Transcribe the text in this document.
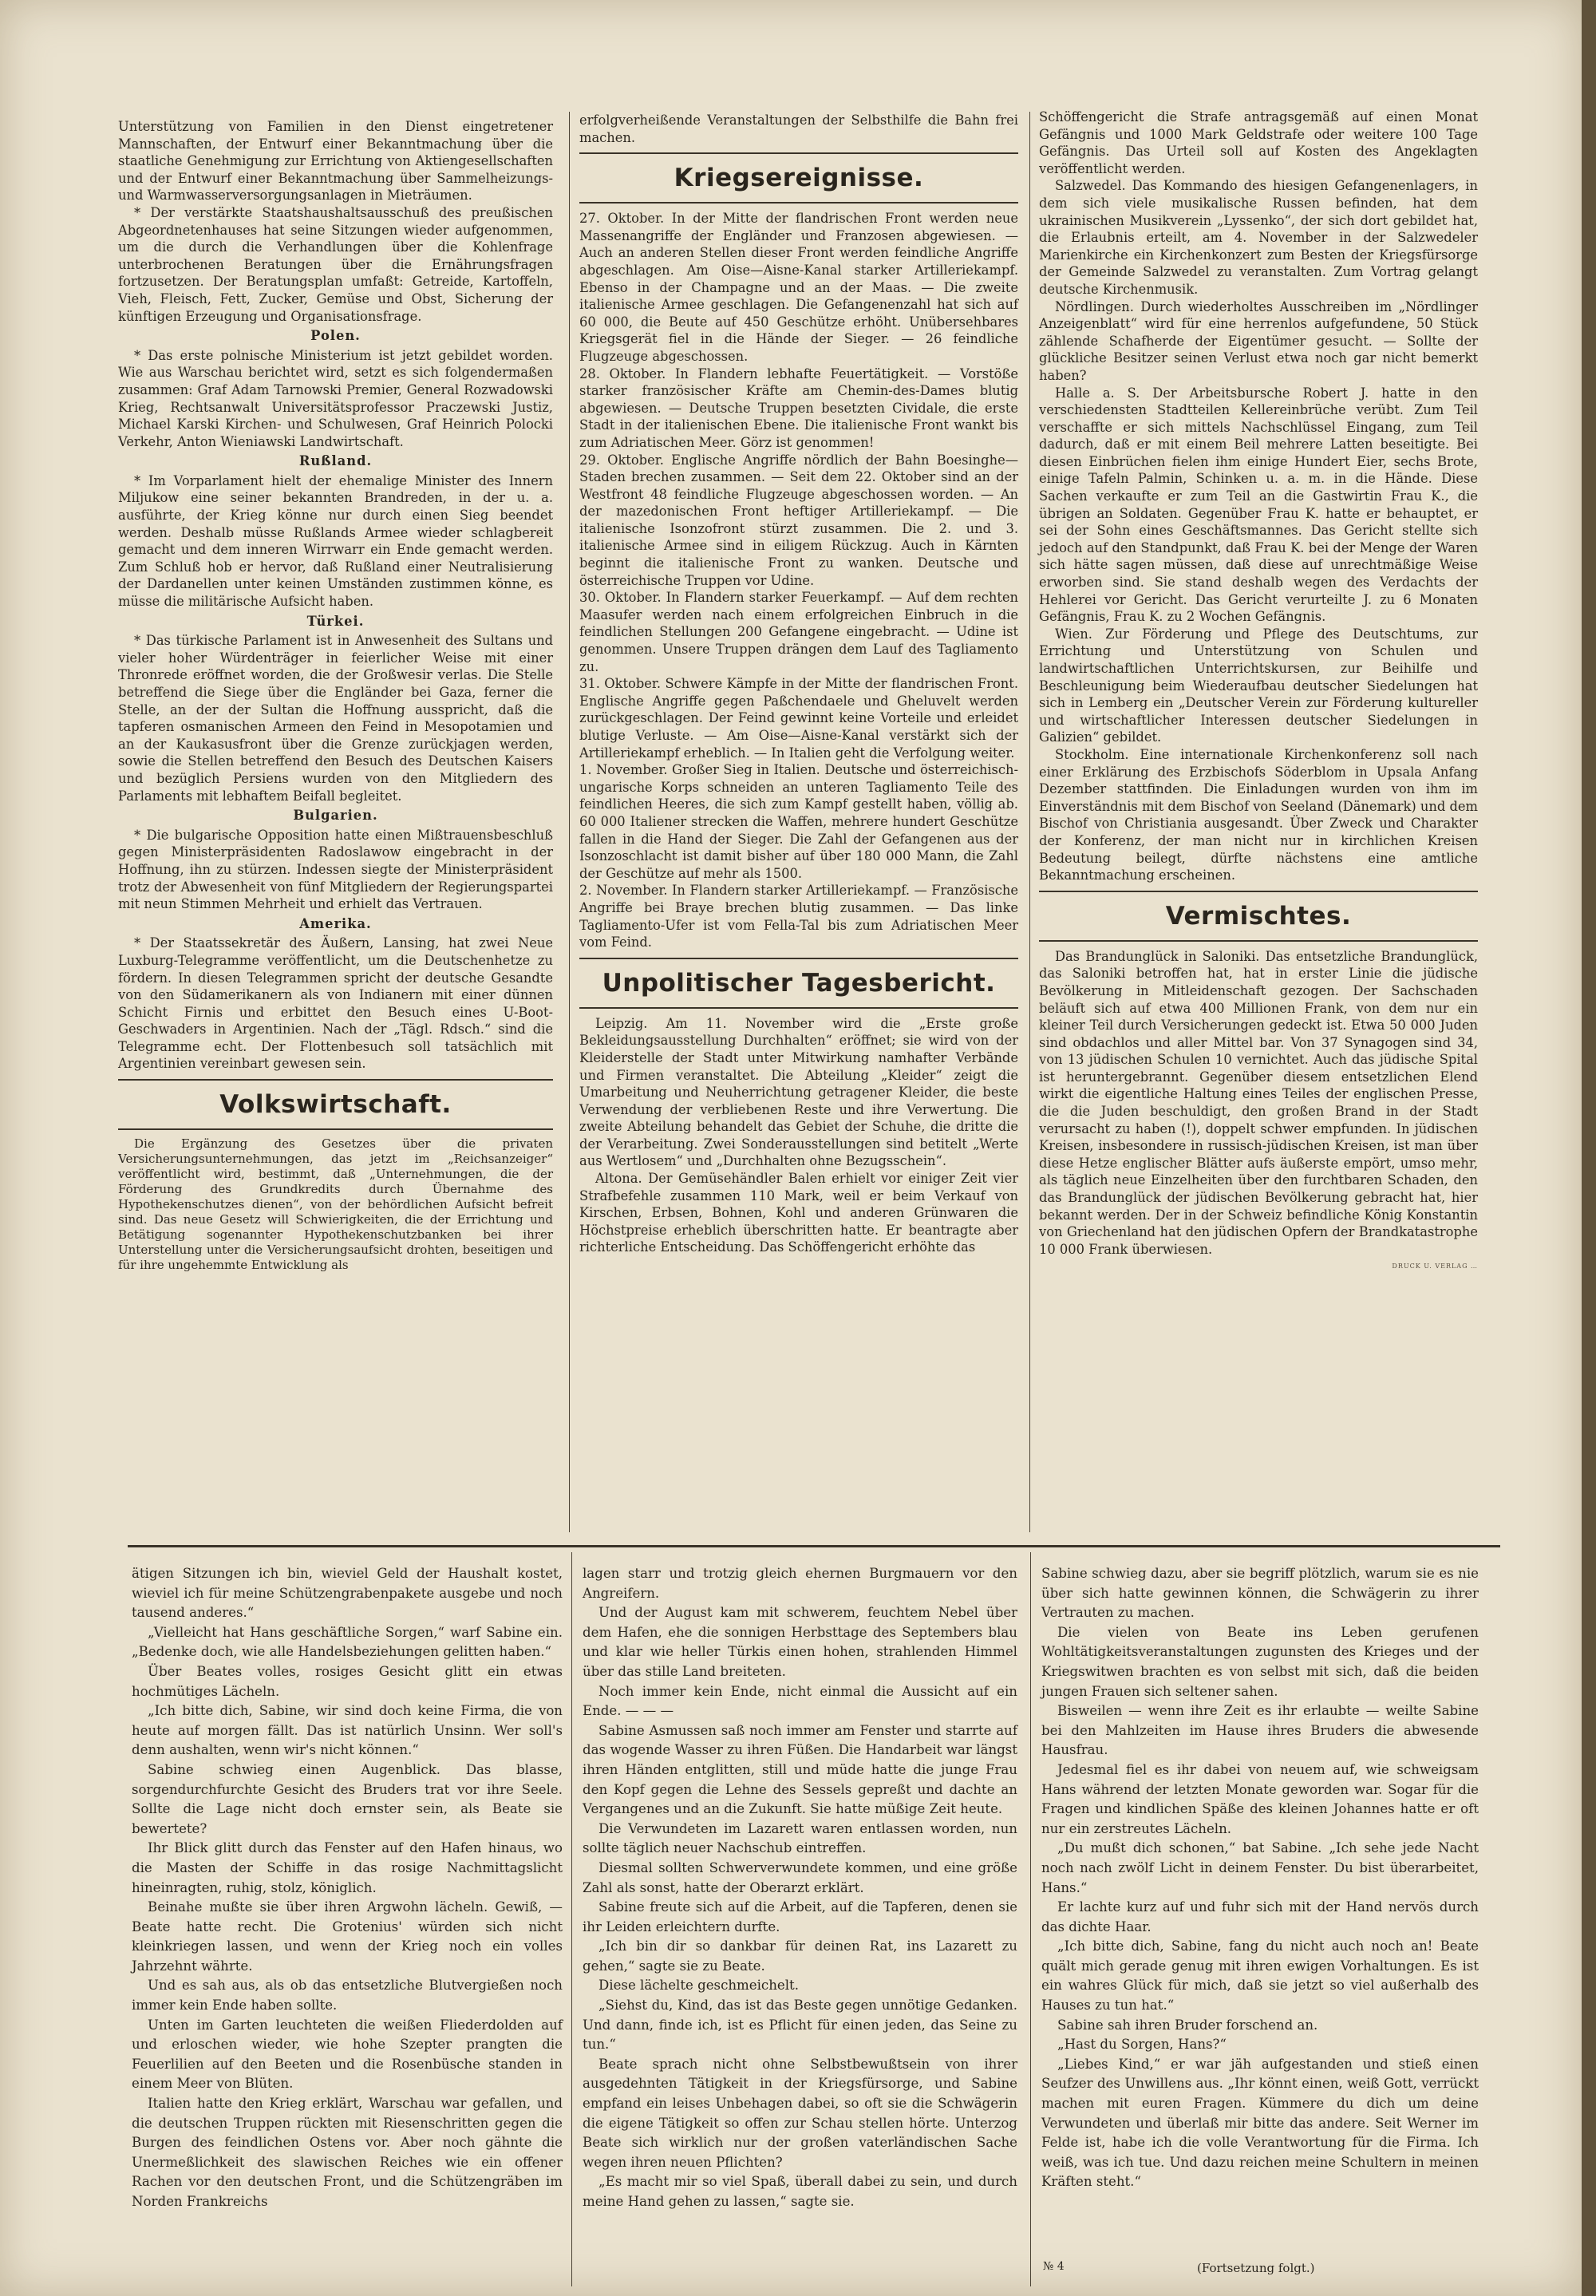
Unterstützung von Familien in den Dienst eingetretener Mannschaften, der Entwurf einer Bekanntmachung über die staatliche Genehmigung zur Errichtung von Aktiengesellschaften und der Entwurf einer Bekanntmachung über Sammelheizungs- und Warmwasserversorgungsanlagen in Mieträumen.

* Der verstärkte Staatshaushaltsausschuß des preußischen Abgeordnetenhauses hat seine Sitzungen wieder aufgenommen, um die durch die Verhandlungen über die Kohlenfrage unterbrochenen Beratungen über die Ernährungsfragen fortzusetzen. Der Beratungsplan umfaßt: Getreide, Kartoffeln, Vieh, Fleisch, Fett, Zucker, Gemüse und Obst, Sicherung der künftigen Erzeugung und Organisationsfrage.

Polen.

* Das erste polnische Ministerium ist jetzt gebildet worden. Wie aus Warschau berichtet wird, setzt es sich folgendermaßen zusammen: Graf Adam Tarnowski Premier, General Rozwadowski Krieg, Rechtsanwalt Universitätsprofessor Praczewski Justiz, Michael Karski Kirchen- und Schulwesen, Graf Heinrich Polocki Verkehr, Anton Wieniawski Landwirtschaft.

Rußland.

* Im Vorparlament hielt der ehemalige Minister des Innern Miljukow eine seiner bekannten Brandreden, in der u. a. ausführte, der Krieg könne nur durch einen Sieg beendet werden. Deshalb müsse Rußlands Armee wieder schlagbereit gemacht und dem inneren Wirrwarr ein Ende gemacht werden. Zum Schluß hob er hervor, daß Rußland einer Neutralisierung der Dardanellen unter keinen Umständen zustimmen könne, es müsse die militärische Aufsicht haben.

Türkei.

* Das türkische Parlament ist in Anwesenheit des Sultans und vieler hoher Würdenträger in feierlicher Weise mit einer Thronrede eröffnet worden, die der Großwesir verlas. Die Stelle betreffend die Siege über die Engländer bei Gaza, ferner die Stelle, an der der Sultan die Hoffnung ausspricht, daß die tapferen osmanischen Armeen den Feind in Mesopotamien und an der Kaukasusfront über die Grenze zurückjagen werden, sowie die Stellen betreffend den Besuch des Deutschen Kaisers und bezüglich Persiens wurden von den Mitgliedern des Parlaments mit lebhaftem Beifall begleitet.

Bulgarien.

* Die bulgarische Opposition hatte einen Mißtrauensbeschluß gegen Ministerpräsidenten Radoslawow eingebracht in der Hoffnung, ihn zu stürzen. Indessen siegte der Ministerpräsident trotz der Abwesenheit von fünf Mitgliedern der Regierungspartei mit neun Stimmen Mehrheit und erhielt das Vertrauen.

Amerika.

* Der Staatssekretär des Äußern, Lansing, hat zwei Neue Luxburg-Telegramme veröffentlicht, um die Deutschenhetze zu fördern. In diesen Telegrammen spricht der deutsche Gesandte von den Südamerikanern als von Indianern mit einer dünnen Schicht Firnis und erbittet den Besuch eines U-Boot-Geschwaders in Argentinien. Nach der „Tägl. Rdsch.“ sind die Telegramme echt. Der Flottenbesuch soll tatsächlich mit Argentinien vereinbart gewesen sein.

Volkswirtschaft.

Die Ergänzung des Gesetzes über die privaten Versicherungsunternehmungen, das jetzt im „Reichsanzeiger“ veröffentlicht wird, bestimmt, daß „Unternehmungen, die der Förderung des Grundkredits durch Übernahme des Hypothekenschutzes dienen“, von der behördlichen Aufsicht befreit sind. Das neue Gesetz will Schwierigkeiten, die der Errichtung und Betätigung sogenannter Hypothekenschutzbanken bei ihrer Unterstellung unter die Versicherungsaufsicht drohten, beseitigen und für ihre ungehemmte Entwicklung als

erfolgverheißende Veranstaltungen der Selbsthilfe die Bahn frei machen.

Kriegsereignisse.

27. Oktober. In der Mitte der flandrischen Front werden neue Massenangriffe der Engländer und Franzosen abgewiesen. — Auch an anderen Stellen dieser Front werden feindliche Angriffe abgeschlagen. Am Oise—Aisne-Kanal starker Artilleriekampf. Ebenso in der Champagne und an der Maas. — Die zweite italienische Armee geschlagen. Die Gefangenenzahl hat sich auf 60 000, die Beute auf 450 Geschütze erhöht. Unübersehbares Kriegsgerät fiel in die Hände der Sieger. — 26 feindliche Flugzeuge abgeschossen.

28. Oktober. In Flandern lebhafte Feuertätigkeit. — Vorstöße starker französischer Kräfte am Chemin-des-Dames blutig abgewiesen. — Deutsche Truppen besetzten Cividale, die erste Stadt in der italienischen Ebene. Die italienische Front wankt bis zum Adriatischen Meer. Görz ist genommen!

29. Oktober. Englische Angriffe nördlich der Bahn Boesinghe—Staden brechen zusammen. — Seit dem 22. Oktober sind an der Westfront 48 feindliche Flugzeuge abgeschossen worden. — An der mazedonischen Front heftiger Artilleriekampf. — Die italienische Isonzofront stürzt zusammen. Die 2. und 3. italienische Armee sind in eiligem Rückzug. Auch in Kärnten beginnt die italienische Front zu wanken. Deutsche und österreichische Truppen vor Udine.

30. Oktober. In Flandern starker Feuerkampf. — Auf dem rechten Maasufer werden nach einem erfolgreichen Einbruch in die feindlichen Stellungen 200 Gefangene eingebracht. — Udine ist genommen. Unsere Truppen drängen dem Lauf des Tagliamento zu.

31. Oktober. Schwere Kämpfe in der Mitte der flandrischen Front. Englische Angriffe gegen Paßchendaele und Gheluvelt werden zurückgeschlagen. Der Feind gewinnt keine Vorteile und erleidet blutige Verluste. — Am Oise—Aisne-Kanal verstärkt sich der Artilleriekampf erheblich. — In Italien geht die Verfolgung weiter.

1. November. Großer Sieg in Italien. Deutsche und österreichisch-ungarische Korps schneiden an unteren Tagliamento Teile des feindlichen Heeres, die sich zum Kampf gestellt haben, völlig ab. 60 000 Italiener strecken die Waffen, mehrere hundert Geschütze fallen in die Hand der Sieger. Die Zahl der Gefangenen aus der Isonzoschlacht ist damit bisher auf über 180 000 Mann, die Zahl der Geschütze auf mehr als 1500.

2. November. In Flandern starker Artilleriekampf. — Französische Angriffe bei Braye brechen blutig zusammen. — Das linke Tagliamento-Ufer ist vom Fella-Tal bis zum Adriatischen Meer vom Feind.

Unpolitischer Tagesbericht.

Leipzig. Am 11. November wird die „Erste große Bekleidungsausstellung Durchhalten“ eröffnet; sie wird von der Kleiderstelle der Stadt unter Mitwirkung namhafter Verbände und Firmen veranstaltet. Die Abteilung „Kleider“ zeigt die Umarbeitung und Neuherrichtung getragener Kleider, die beste Verwendung der verbliebenen Reste und ihre Verwertung. Die zweite Abteilung behandelt das Gebiet der Schuhe, die dritte die der Verarbeitung. Zwei Sonderausstellungen sind betitelt „Werte aus Wertlosem“ und „Durchhalten ohne Bezugsschein“.

Altona. Der Gemüsehändler Balen erhielt vor einiger Zeit vier Strafbefehle zusammen 110 Mark, weil er beim Verkauf von Kirschen, Erbsen, Bohnen, Kohl und anderen Grünwaren die Höchstpreise erheblich überschritten hatte. Er beantragte aber richterliche Entscheidung. Das Schöffengericht erhöhte das

Schöffengericht die Strafe antragsgemäß auf einen Monat Gefängnis und 1000 Mark Geldstrafe oder weitere 100 Tage Gefängnis. Das Urteil soll auf Kosten des Angeklagten veröffentlicht werden.

Salzwedel. Das Kommando des hiesigen Gefangenenlagers, in dem sich viele musikalische Russen befinden, hat dem ukrainischen Musikverein „Lyssenko“, der sich dort gebildet hat, die Erlaubnis erteilt, am 4. November in der Salzwedeler Marienkirche ein Kirchenkonzert zum Besten der Kriegsfürsorge der Gemeinde Salzwedel zu veranstalten. Zum Vortrag gelangt deutsche Kirchenmusik.

Nördlingen. Durch wiederholtes Ausschreiben im „Nördlinger Anzeigenblatt“ wird für eine herrenlos aufgefundene, 50 Stück zählende Schafherde der Eigentümer gesucht. — Sollte der glückliche Besitzer seinen Verlust etwa noch gar nicht bemerkt haben?

Halle a. S. Der Arbeitsbursche Robert J. hatte in den verschiedensten Stadtteilen Kellereinbrüche verübt. Zum Teil verschaffte er sich mittels Nachschlüssel Eingang, zum Teil dadurch, daß er mit einem Beil mehrere Latten beseitigte. Bei diesen Einbrüchen fielen ihm einige Hundert Eier, sechs Brote, einige Tafeln Palmin, Schinken u. a. m. in die Hände. Diese Sachen verkaufte er zum Teil an die Gastwirtin Frau K., die übrigen an Soldaten. Gegenüber Frau K. hatte er behauptet, er sei der Sohn eines Geschäftsmannes. Das Gericht stellte sich jedoch auf den Standpunkt, daß Frau K. bei der Menge der Waren sich hätte sagen müssen, daß diese auf unrechtmäßige Weise erworben sind. Sie stand deshalb wegen des Verdachts der Hehlerei vor Gericht. Das Gericht verurteilte J. zu 6 Monaten Gefängnis, Frau K. zu 2 Wochen Gefängnis.

Wien. Zur Förderung und Pflege des Deutschtums, zur Errichtung und Unterstützung von Schulen und landwirtschaftlichen Unterrichtskursen, zur Beihilfe und Beschleunigung beim Wiederaufbau deutscher Siedelungen hat sich in Lemberg ein „Deutscher Verein zur Förderung kultureller und wirtschaftlicher Interessen deutscher Siedelungen in Galizien“ gebildet.

Stockholm. Eine internationale Kirchenkonferenz soll nach einer Erklärung des Erzbischofs Söderblom in Upsala Anfang Dezember stattfinden. Die Einladungen wurden von ihm im Einverständnis mit dem Bischof von Seeland (Dänemark) und dem Bischof von Christiania ausgesandt. Über Zweck und Charakter der Konferenz, der man nicht nur in kirchlichen Kreisen Bedeutung beilegt, dürfte nächstens eine amtliche Bekanntmachung erscheinen.

Vermischtes.

Das Brandunglück in Saloniki. Das entsetzliche Brandunglück, das Saloniki betroffen hat, hat in erster Linie die jüdische Bevölkerung in Mitleidenschaft gezogen. Der Sachschaden beläuft sich auf etwa 400 Millionen Frank, von dem nur ein kleiner Teil durch Versicherungen gedeckt ist. Etwa 50 000 Juden sind obdachlos und aller Mittel bar. Von 37 Synagogen sind 34, von 13 jüdischen Schulen 10 vernichtet. Auch das jüdische Spital ist heruntergebrannt. Gegenüber diesem entsetzlichen Elend wirkt die eigentliche Haltung eines Teiles der englischen Presse, die die Juden beschuldigt, den großen Brand in der Stadt verursacht zu haben (!), doppelt schwer empfunden. In jüdischen Kreisen, insbesondere in russisch-jüdischen Kreisen, ist man über diese Hetze englischer Blätter aufs äußerste empört, umso mehr, als täglich neue Einzelheiten über den furchtbaren Schaden, den das Brandunglück der jüdischen Bevölkerung gebracht hat, hier bekannt werden. Der in der Schweiz befindliche König Konstantin von Griechenland hat den jüdischen Opfern der Brandkatastrophe 10 000 Frank überwiesen.

DRUCK U. VERLAG …

ätigen Sitzungen ich bin, wieviel Geld der Haushalt kostet, wieviel ich für meine Schützengrabenpakete ausgebe und noch tausend anderes.“

„Vielleicht hat Hans geschäftliche Sorgen,“ warf Sabine ein. „Bedenke doch, wie alle Handelsbeziehungen gelitten haben.“

Über Beates volles, rosiges Gesicht glitt ein etwas hochmütiges Lächeln.

„Ich bitte dich, Sabine, wir sind doch keine Firma, die von heute auf morgen fällt. Das ist natürlich Unsinn. Wer soll's denn aushalten, wenn wir's nicht können.“

Sabine schwieg einen Augenblick. Das blasse, sorgendurchfurchte Gesicht des Bruders trat vor ihre Seele. Sollte die Lage nicht doch ernster sein, als Beate sie bewertete?

Ihr Blick glitt durch das Fenster auf den Hafen hinaus, wo die Masten der Schiffe in das rosige Nachmittagslicht hineinragten, ruhig, stolz, königlich.

Beinahe mußte sie über ihren Argwohn lächeln. Gewiß, — Beate hatte recht. Die Grotenius' würden sich nicht kleinkriegen lassen, und wenn der Krieg noch ein volles Jahrzehnt währte.

Und es sah aus, als ob das entsetzliche Blutvergießen noch immer kein Ende haben sollte.

Unten im Garten leuchteten die weißen Fliederdolden auf und erloschen wieder, wie hohe Szepter prangten die Feuerlilien auf den Beeten und die Rosenbüsche standen in einem Meer von Blüten.

Italien hatte den Krieg erklärt, Warschau war gefallen, und die deutschen Truppen rückten mit Riesenschritten gegen die Burgen des feindlichen Ostens vor. Aber noch gähnte die Unermeßlichkeit des slawischen Reiches wie ein offener Rachen vor den deutschen Front, und die Schützengräben im Norden Frankreichs

lagen starr und trotzig gleich ehernen Burgmauern vor den Angreifern.

Und der August kam mit schwerem, feuchtem Nebel über dem Hafen, ehe die sonnigen Herbsttage des Septembers blau und klar wie heller Türkis einen hohen, strahlenden Himmel über das stille Land breiteten.

Noch immer kein Ende, nicht einmal die Aussicht auf ein Ende. — — —

Sabine Asmussen saß noch immer am Fenster und starrte auf das wogende Wasser zu ihren Füßen. Die Handarbeit war längst ihren Händen entglitten, still und müde hatte die junge Frau den Kopf gegen die Lehne des Sessels gepreßt und dachte an Vergangenes und an die Zukunft. Sie hatte müßige Zeit heute.

Die Verwundeten im Lazarett waren entlassen worden, nun sollte täglich neuer Nachschub eintreffen.

Diesmal sollten Schwerverwundete kommen, und eine größe Zahl als sonst, hatte der Oberarzt erklärt.

Sabine freute sich auf die Arbeit, auf die Tapferen, denen sie ihr Leiden erleichtern durfte.

„Ich bin dir so dankbar für deinen Rat, ins Lazarett zu gehen,“ sagte sie zu Beate.

Diese lächelte geschmeichelt.

„Siehst du, Kind, das ist das Beste gegen unnötige Gedanken. Und dann, finde ich, ist es Pflicht für einen jeden, das Seine zu tun.“

Beate sprach nicht ohne Selbstbewußtsein von ihrer ausgedehnten Tätigkeit in der Kriegsfürsorge, und Sabine empfand ein leises Unbehagen dabei, so oft sie die Schwägerin die eigene Tätigkeit so offen zur Schau stellen hörte. Unterzog Beate sich wirklich nur der großen vaterländischen Sache wegen ihren neuen Pflichten?

„Es macht mir so viel Spaß, überall dabei zu sein, und durch meine Hand gehen zu lassen,“ sagte sie.

Sabine schwieg dazu, aber sie begriff plötzlich, warum sie es nie über sich hatte gewinnen können, die Schwägerin zu ihrer Vertrauten zu machen.

Die vielen von Beate ins Leben gerufenen Wohltätigkeitsveranstaltungen zugunsten des Krieges und der Kriegswitwen brachten es von selbst mit sich, daß die beiden jungen Frauen sich seltener sahen.

Bisweilen — wenn ihre Zeit es ihr erlaubte — weilte Sabine bei den Mahlzeiten im Hause ihres Bruders die abwesende Hausfrau.

Jedesmal fiel es ihr dabei von neuem auf, wie schweigsam Hans während der letzten Monate geworden war. Sogar für die Fragen und kindlichen Späße des kleinen Johannes hatte er oft nur ein zerstreutes Lächeln.

„Du mußt dich schonen,“ bat Sabine. „Ich sehe jede Nacht noch nach zwölf Licht in deinem Fenster. Du bist überarbeitet, Hans.“

Er lachte kurz auf und fuhr sich mit der Hand nervös durch das dichte Haar.

„Ich bitte dich, Sabine, fang du nicht auch noch an! Beate quält mich gerade genug mit ihren ewigen Vorhaltungen. Es ist ein wahres Glück für mich, daß sie jetzt so viel außerhalb des Hauses zu tun hat.“

Sabine sah ihren Bruder forschend an.

„Hast du Sorgen, Hans?“

„Liebes Kind,“ er war jäh aufgestanden und stieß einen Seufzer des Unwillens aus. „Ihr könnt einen, weiß Gott, verrückt machen mit euren Fragen. Kümmere du dich um deine Verwundeten und überlaß mir bitte das andere. Seit Werner im Felde ist, habe ich die volle Verantwortung für die Firma. Ich weiß, was ich tue. Und dazu reichen meine Schultern in meinen Kräften steht.“

№ 4	(Fortsetzung folgt.)
